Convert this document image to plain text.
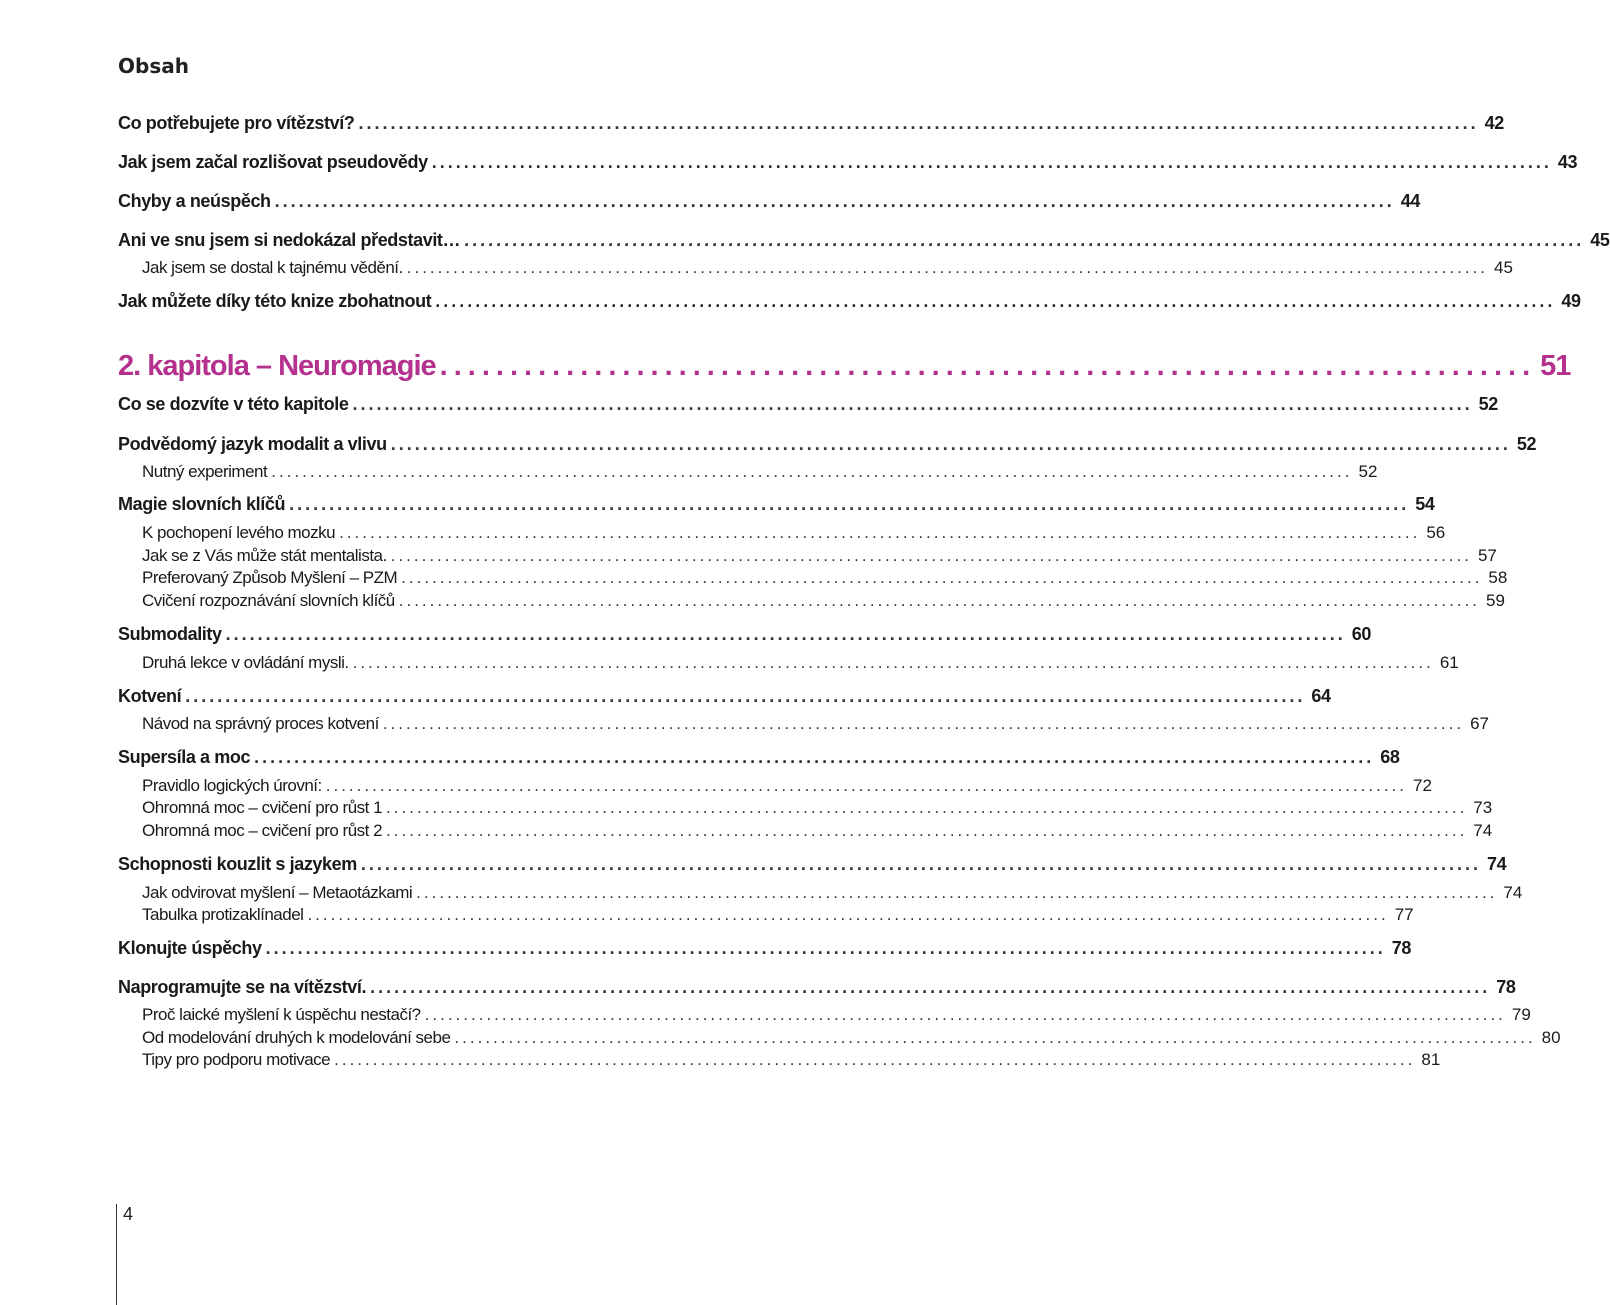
Obsah
Co potřebujete pro vítězství? ............................................................................................................................................ 42
Jak jsem začal rozlišovat pseudovědy ............................................................................................................................................ 43
Chyby a neúspěch ............................................................................................................................................ 44
Ani ve snu jsem si nedokázal představit… ............................................................................................................................................ 45
Jak jsem se dostal k tajnému vědění. ............................................................................................................................................ 45
Jak můžete díky této knize zbohatnout ............................................................................................................................................ 49
2. kapitola – Neuromagie .............................................................................. 51
Co se dozvíte v této kapitole ............................................................................................................................................ 52
Podvědomý jazyk modalit a vlivu ............................................................................................................................................ 52
Nutný experiment ............................................................................................................................................ 52
Magie slovních klíčů ............................................................................................................................................ 54
K pochopení levého mozku ............................................................................................................................................ 56
Jak se z Vás může stát mentalista. ............................................................................................................................................ 57
Preferovaný Způsob Myšlení – PZM ............................................................................................................................................ 58
Cvičení rozpoznávání slovních klíčů ............................................................................................................................................ 59
Submodality ............................................................................................................................................ 60
Druhá lekce v ovládání mysli. ............................................................................................................................................ 61
Kotvení ............................................................................................................................................ 64
Návod na správný proces kotvení ............................................................................................................................................ 67
Supersíla a moc ............................................................................................................................................ 68
Pravidlo logických úrovní: ............................................................................................................................................ 72
Ohromná moc – cvičení pro růst 1 ............................................................................................................................................ 73
Ohromná moc – cvičení pro růst 2 ............................................................................................................................................ 74
Schopnosti kouzlit s jazykem ............................................................................................................................................ 74
Jak odvirovat myšlení – Metaotázkami ............................................................................................................................................ 74
Tabulka protizaklínadel ............................................................................................................................................ 77
Klonujte úspěchy ............................................................................................................................................ 78
Naprogramujte se na vítězství. ............................................................................................................................................ 78
Proč laické myšlení k úspěchu nestačí? ............................................................................................................................................ 79
Od modelování druhých k modelování sebe ............................................................................................................................................ 80
Tipy pro podporu motivace ............................................................................................................................................ 81
4
